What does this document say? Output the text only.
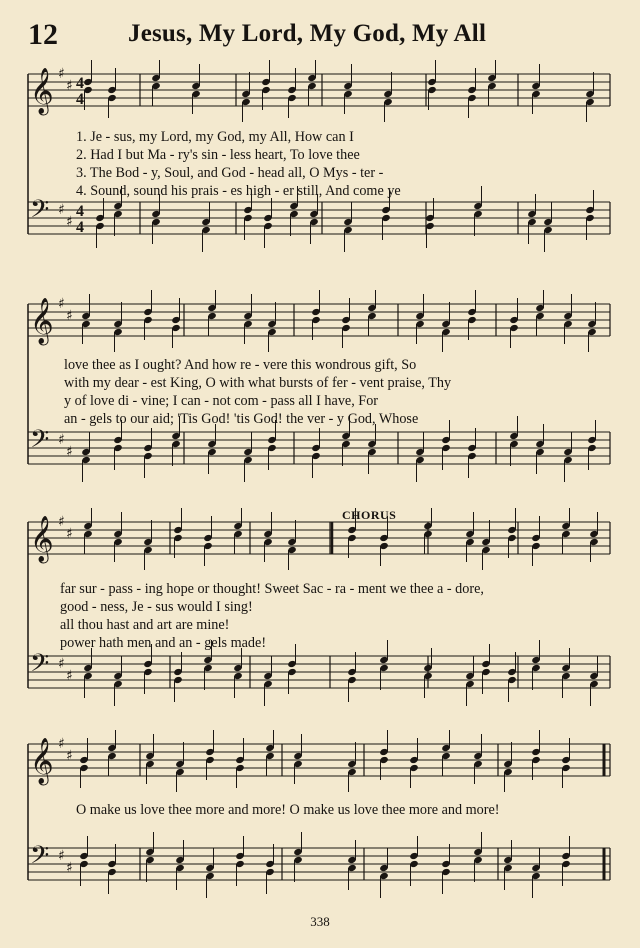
12	Jesus, My Lord, My God, My All
𝄞 ♯
♯ 4
4
𝄢 ♯
♯
4
4
1. Je - sus, my Lord, my God, my All, How can I
2. Had I but Ma - ry's sin - less heart, To love thee
3. The Bod - y, Soul, and God - head all, O Mys - ter -
4. Sound, sound his prais - es high - er still, And come ye
𝄞 ♯
♯
𝄢 ♯
♯
love thee as I ought? And how re - vere this wondrous gift, So
with my dear - est King, O with what bursts of fer - vent praise, Thy
y of love di - vine; I can - not com - pass all I have, For
an - gels to our aid; 'Tis God! 'tis God! the ver - y God, Whose
CHORUS
𝄞 ♯
♯
𝄢 ♯
♯
far sur - pass - ing hope or thought! Sweet Sac - ra - ment we thee a - dore,
good - ness, Je - sus would I sing!
all thou hast and art are mine!
power hath men and an - gels made!
𝄞 ♯
♯
𝄢 ♯
♯
O make us love thee more and more! O make us love thee more and more!
338
